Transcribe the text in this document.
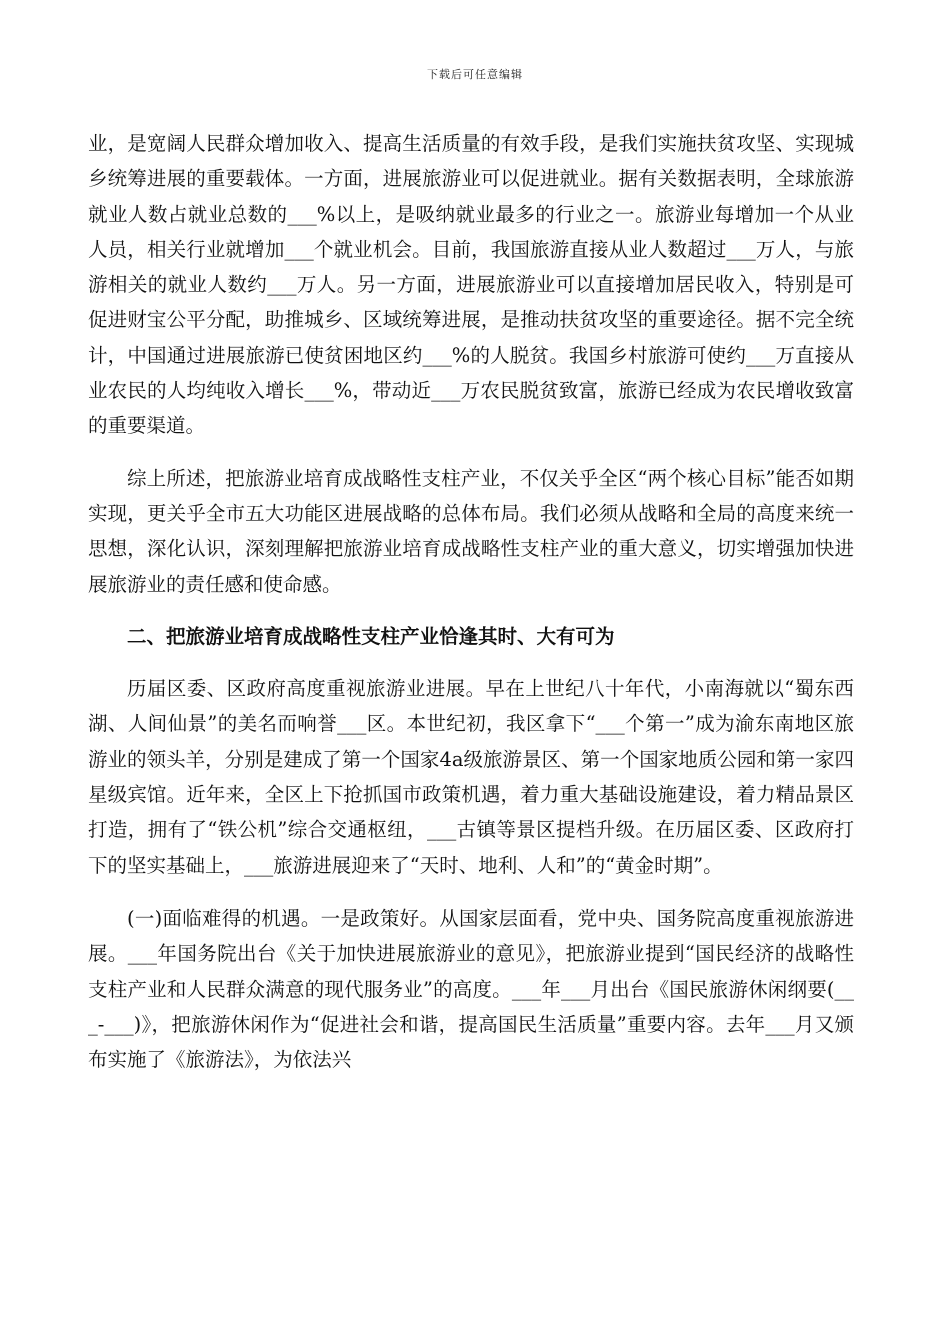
下载后可任意编辑

业，是宽阔人民群众增加收入、提高生活质量的有效手段，是我们实施扶贫攻坚、实现城乡统筹进展的重要载体。一方面，进展旅游业可以促进就业。据有关数据表明，全球旅游就业人数占就业总数的___%以上，是吸纳就业最多的行业之一。旅游业每增加一个从业人员，相关行业就增加___个就业机会。目前，我国旅游直接从业人数超过___万人，与旅游相关的就业人数约___万人。另一方面，进展旅游业可以直接增加居民收入，特别是可促进财宝公平分配，助推城乡、区域统筹进展，是推动扶贫攻坚的重要途径。据不完全统计，中国通过进展旅游已使贫困地区约___%的人脱贫。我国乡村旅游可使约___万直接从业农民的人均纯收入增长___%，带动近___万农民脱贫致富，旅游已经成为农民增收致富的重要渠道。

综上所述，把旅游业培育成战略性支柱产业，不仅关乎全区“两个核心目标”能否如期实现，更关乎全市五大功能区进展战略的总体布局。我们必须从战略和全局的高度来统一思想，深化认识，深刻理解把旅游业培育成战略性支柱产业的重大意义，切实增强加快进展旅游业的责任感和使命感。

二、把旅游业培育成战略性支柱产业恰逢其时、大有可为

历届区委、区政府高度重视旅游业进展。早在上世纪八十年代，小南海就以“蜀东西湖、人间仙景”的美名而响誉___区。本世纪初，我区拿下“___个第一”成为渝东南地区旅游业的领头羊，分别是建成了第一个国家4a级旅游景区、第一个国家地质公园和第一家四星级宾馆。近年来，全区上下抢抓国市政策机遇，着力重大基础设施建设，着力精品景区打造，拥有了“铁公机”综合交通枢纽，___古镇等景区提档升级。在历届区委、区政府打下的坚实基础上，___旅游进展迎来了“天时、地利、人和”的“黄金时期”。

(一)面临难得的机遇。一是政策好。从国家层面看，党中央、国务院高度重视旅游进展。___年国务院出台《关于加快进展旅游业的意见》，把旅游业提到“国民经济的战略性支柱产业和人民群众满意的现代服务业”的高度。___年___月出台《国民旅游休闲纲要(___-___)》，把旅游休闲作为“促进社会和谐，提高国民生活质量”重要内容。去年___月又颁布实施了《旅游法》，为依法兴
